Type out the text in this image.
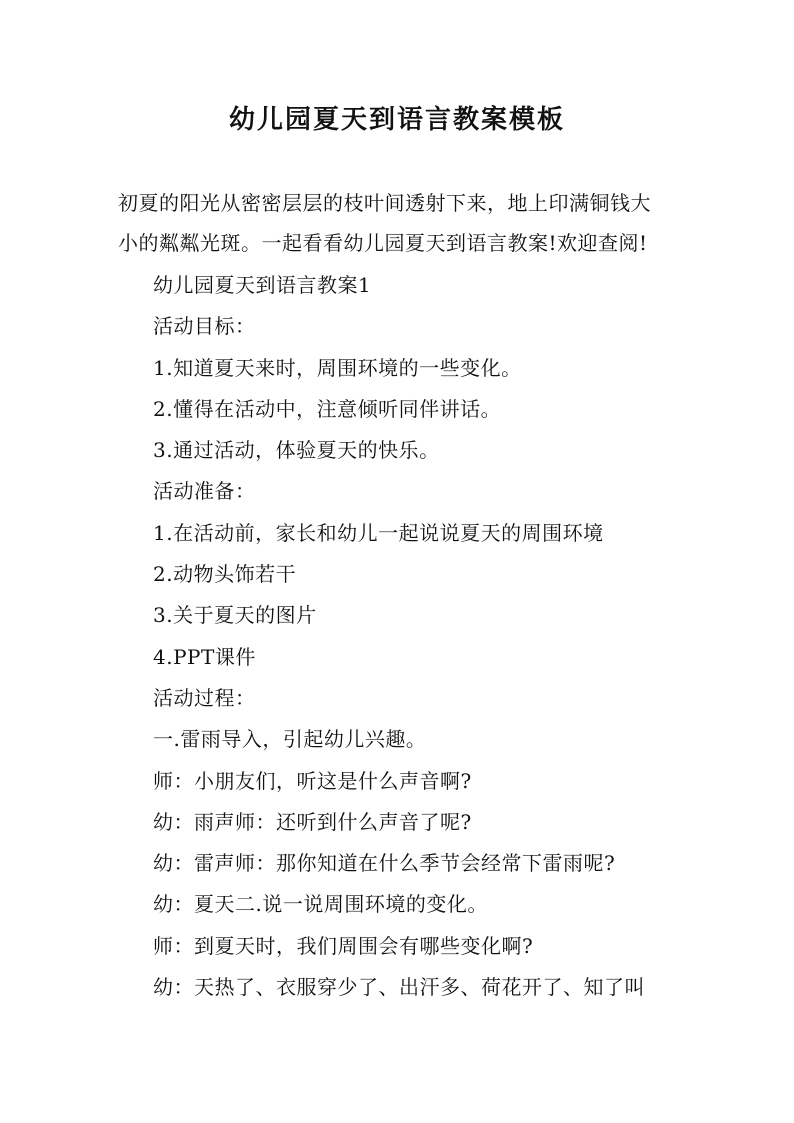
幼儿园夏天到语言教案模板

初夏的阳光从密密层层的枝叶间透射下来，地上印满铜钱大
小的粼粼光斑。一起看看幼儿园夏天到语言教案!欢迎查阅!

幼儿园夏天到语言教案1
活动目标：
1.知道夏天来时，周围环境的一些变化。
2.懂得在活动中，注意倾听同伴讲话。
3.通过活动，体验夏天的快乐。
活动准备：
1.在活动前，家长和幼儿一起说说夏天的周围环境
2.动物头饰若干
3.关于夏天的图片
4.PPT课件
活动过程：
一.雷雨导入，引起幼儿兴趣。
师：小朋友们，听这是什么声音啊?
幼：雨声师：还听到什么声音了呢?
幼：雷声师：那你知道在什么季节会经常下雷雨呢?
幼：夏天二.说一说周围环境的变化。
师：到夏天时，我们周围会有哪些变化啊?
幼：天热了、衣服穿少了、出汗多、荷花开了、知了叫
